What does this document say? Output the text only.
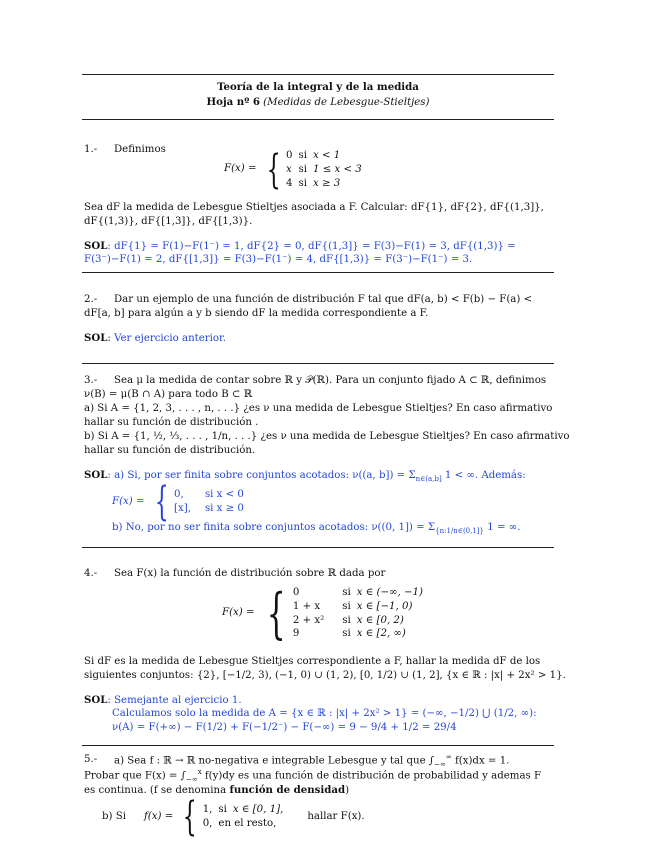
Teoría de la integral y de la medida
Hoja nº 6 (Medidas de Lebesgue-Stieltjes)
1.- Definimos
F(x) = { 0	si	x < 1
x	si	1 ≤ x < 3
4	si	x ≥ 3
Sea dF la medida de Lebesgue Stieltjes asociada a F. Calcular: dF{1}, dF{2}, dF{(1,3]},
dF{(1,3)}, dF{[1,3]}, dF{[1,3)}.
SOL: dF{1} = F(1)−F(1⁻) = 1, dF{2} = 0, dF{(1,3]} = F(3)−F(1) = 3, dF{(1,3)} =
F(3⁻)−F(1) = 2, dF{[1,3]} = F(3)−F(1⁻) = 4, dF{[1,3)} = F(3⁻)−F(1⁻) = 3.
2.- Dar un ejemplo de una función de distribución F tal que dF(a, b) < F(b) − F(a) <
dF[a, b] para algún a y b siendo dF la medida correspondiente a F.
SOL: Ver ejercicio anterior.
3.- Sea μ la medida de contar sobre ℝ y 𝒫(ℝ). Para un conjunto fijado A ⊂ ℝ, definimos
ν(B) = μ(B ∩ A) para todo B ⊂ ℝ
a) Si A = {1, 2, 3, . . . , n, . . .} ¿es ν una medida de Lebesgue Stieltjes? En caso afirmativo
hallar su función de distribución .
b) Si A = {1, ½, ⅓, . . . , 1/n, . . .} ¿es ν una medida de Lebesgue Stieltjes? En caso afirmativo
hallar su función de distribución.
SOL: a) Si, por ser finita sobre conjuntos acotados: ν((a, $b]) = \Sigma_{n\in(a,b]}$ 1 < ∞. Además:
F(x) = { 0,	si x < 0
[x],	si x ≥ 0
b) No, por no ser finita sobre conjuntos acotados: ν((0, $1]) = \Sigma_{\{n:1/n\in(0,1]\}}$ 1 = ∞.
4.- Sea F(x) la función de distribución sobre ℝ dada por
F(x) = { 0	si	x ∈ (−∞, −1)
1 + x	si	x ∈ [−1, 0)
2 + x²	si	x ∈ [0, 2)
9	si	x ∈ [2, ∞)
Si dF es la medida de Lebesgue Stieltjes correspondiente a F, hallar la medida dF de los
siguientes conjuntos: {2}, [−1/2, 3), (−1, 0) ∪ (1, 2), [0, 1/2) ∪ (1, 2], {x ∈ ℝ : |x| + 2x² > 1}.
SOL: Semejante al ejercicio 1.
Calculamos solo la medida de A = {x ∈ ℝ : |x| + 2x² > 1} = (−∞, −1/2) ⋃ (1/2, ∞):
ν(A) = F(+∞) − F(1/2) + F(−1/2⁻) − F(−∞) = 9 − 9/4 + 1/2 = 29/4
5.- a) Sea f : ℝ → ℝ no-negativa e integrable Lebesgue y tal que $\int_{-\infty}^\infty$ f(x)dx = 1.
Probar que $F(x) = \int_{-\infty}^x$ f(y)dy es una función de distribución de probabilidad y ademas F
es continua. (f se denomina función de densidad)
b) Si f(x) = { 1,	si	x ∈ [0, 1],
0,	en el resto,	
hallar F(x).
